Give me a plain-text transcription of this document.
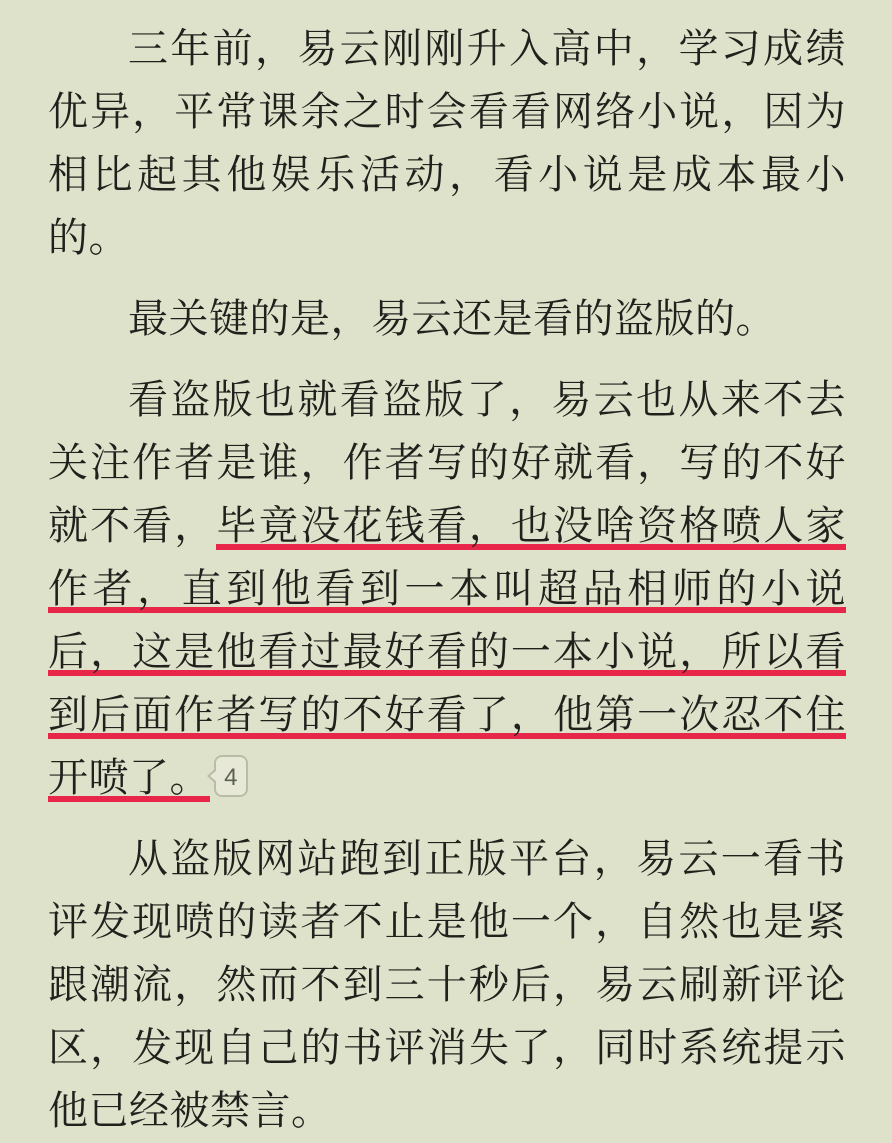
三年前，易云刚刚升入高中，学习成绩优异，平常课余之时会看看网络小说，因为相比起其他娱乐活动，看小说是成本最小的。

最关键的是，易云还是看的盗版的。

看盗版也就看盗版了，易云也从来不去关注作者是谁，作者写的好就看，写的不好就不看，毕竟没花钱看，也没啥资格喷人家作者，直到他看到一本叫超品相师的小说后，这是他看过最好看的一本小说，所以看到后面作者写的不好看了，他第一次忍不住开喷了。 4

从盗版网站跑到正版平台，易云一看书评发现喷的读者不止是他一个，自然也是紧跟潮流，然而不到三十秒后，易云刷新评论区，发现自己的书评消失了，同时系统提示他已经被禁言。
